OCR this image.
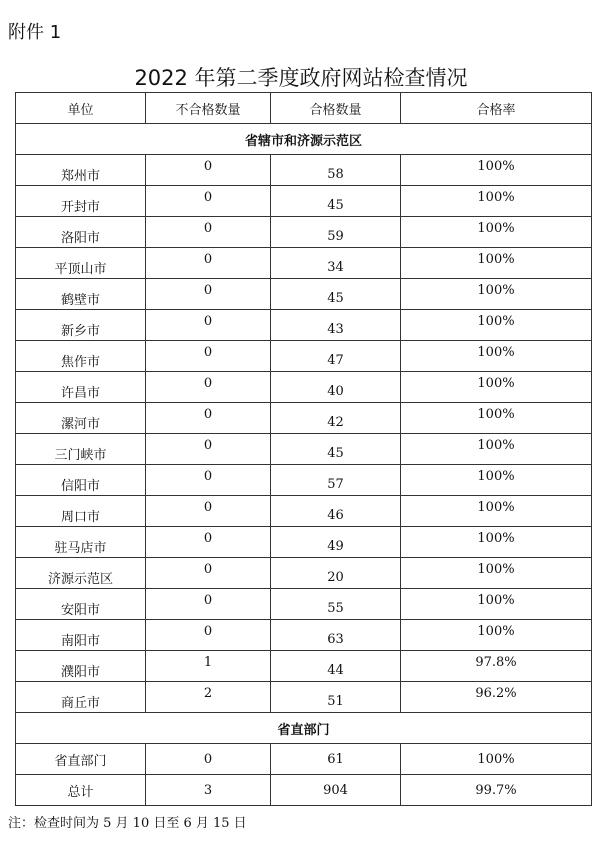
附件 1
2022 年第二季度政府网站检查情况
单位	不合格数量	合格数量	合格率
省辖市和济源示范区			
郑州市	0	58	100%
开封市	0	45	100%
洛阳市	0	59	100%
平顶山市	0	34	100%
鹤壁市	0	45	100%
新乡市	0	43	100%
焦作市	0	47	100%
许昌市	0	40	100%
漯河市	0	42	100%
三门峡市	0	45	100%
信阳市	0	57	100%
周口市	0	46	100%
驻马店市	0	49	100%
济源示范区	0	20	100%
安阳市	0	55	100%
南阳市	0	63	100%
濮阳市	1	44	97.8%
商丘市	2	51	96.2%
省直部门			
省直部门	0	61	100%
总计	3	904	99.7%
注：检查时间为 5 月 10 日至 6 月 15 日
